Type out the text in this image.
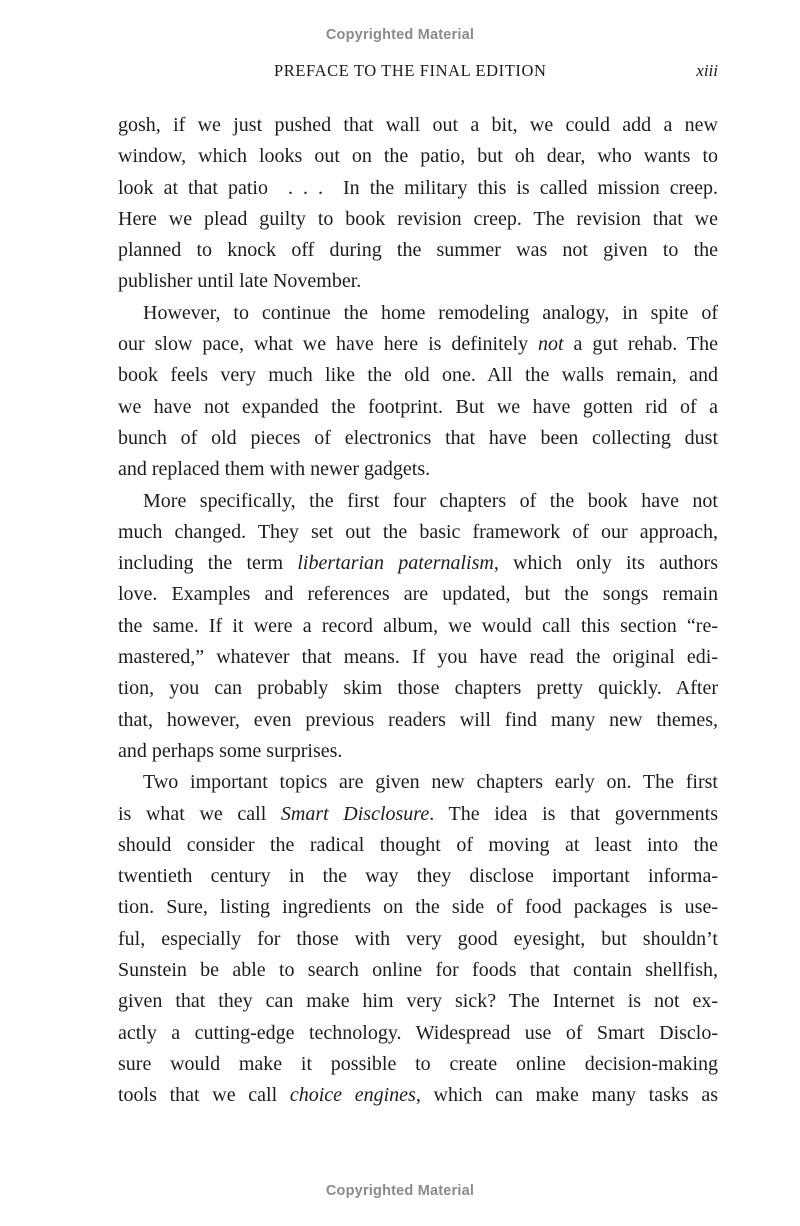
Copyrighted Material
PREFACE TO THE FINAL EDITION	xiii
gosh, if we just pushed that wall out a bit, we could add a new
window, which looks out on the patio, but oh dear, who wants to
look at that patio  . . .  In the military this is called mission creep.
Here we plead guilty to book revision creep. The revision that we
planned to knock off during the summer was not given to the
publisher until late November.
However, to continue the home remodeling analogy, in spite of
our slow pace, what we have here is definitely not a gut rehab. The
book feels very much like the old one. All the walls remain, and
we have not expanded the footprint. But we have gotten rid of a
bunch of old pieces of electronics that have been collecting dust
and replaced them with newer gadgets.
More specifically, the first four chapters of the book have not
much changed. They set out the basic framework of our approach,
including the term libertarian paternalism, which only its authors
love. Examples and references are updated, but the songs remain
the same. If it were a record album, we would call this section “re-
mastered,” whatever that means. If you have read the original edi-
tion, you can probably skim those chapters pretty quickly. After
that, however, even previous readers will find many new themes,
and perhaps some surprises.
Two important topics are given new chapters early on. The first
is what we call Smart Disclosure. The idea is that governments
should consider the radical thought of moving at least into the
twentieth century in the way they disclose important informa-
tion. Sure, listing ingredients on the side of food packages is use-
ful, especially for those with very good eyesight, but shouldn’t
Sunstein be able to search online for foods that contain shellfish,
given that they can make him very sick? The Internet is not ex-
actly a cutting-edge technology. Widespread use of Smart Disclo-
sure would make it possible to create online decision-making
tools that we call choice engines, which can make many tasks as
Copyrighted Material
